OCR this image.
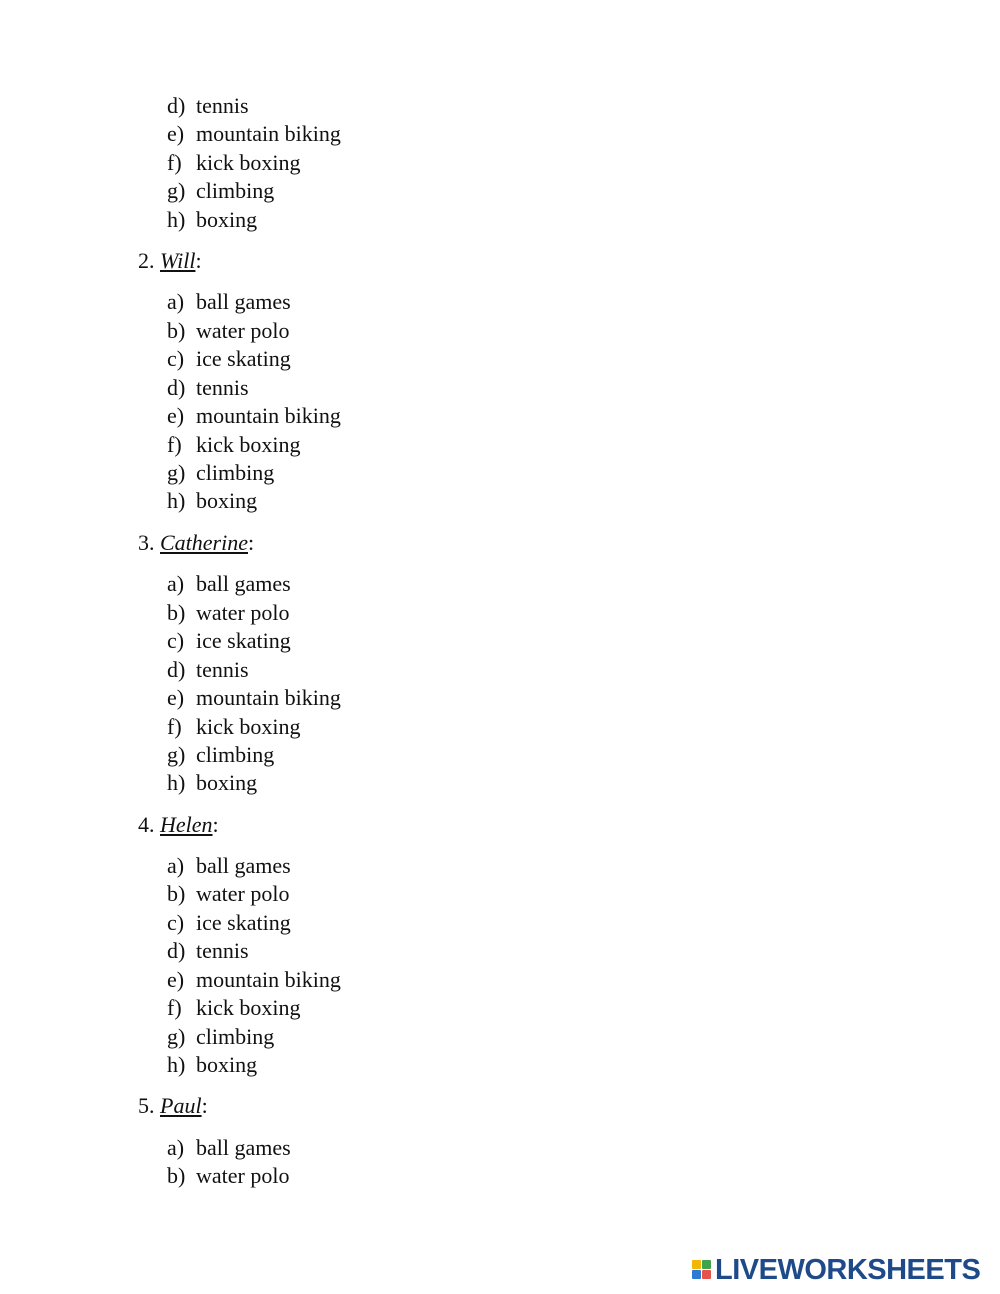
d) tennis
e) mountain biking
f) kick boxing
g) climbing
h) boxing
2. Will:
a) ball games
b) water polo
c) ice skating
d) tennis
e) mountain biking
f) kick boxing
g) climbing
h) boxing
3. Catherine:
a) ball games
b) water polo
c) ice skating
d) tennis
e) mountain biking
f) kick boxing
g) climbing
h) boxing
4. Helen:
a) ball games
b) water polo
c) ice skating
d) tennis
e) mountain biking
f) kick boxing
g) climbing
h) boxing
5. Paul:
a) ball games
b) water polo
LIVEWORKSHEETS
